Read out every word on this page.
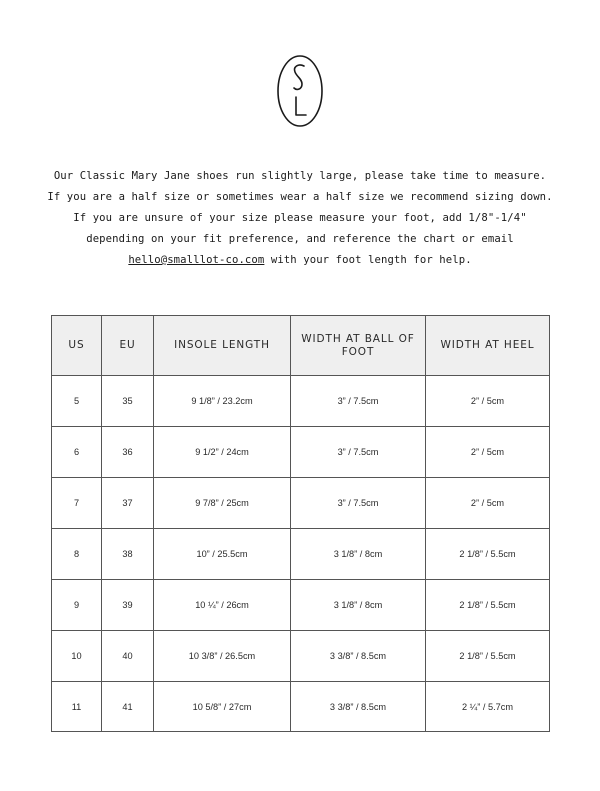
Our Classic Mary Jane shoes run slightly large, please take time to measure.

If you are a half size or sometimes wear a half size we recommend sizing down.

If you are unsure of your size please measure your foot, add 1/8"-1/4"

depending on your fit preference, and reference the chart or email

hello@smalllot-co.com with your foot length for help.

US	EU	INSOLE LENGTH	WIDTH AT BALL OF FOOT	WIDTH AT HEEL
5	35	9 1/8” / 23.2cm	3” / 7.5cm	2” / 5cm
6	36	9 1/2” / 24cm	3” / 7.5cm	2” / 5cm
7	37	9 7/8” / 25cm	3” / 7.5cm	2” / 5cm
8	38	10” / 25.5cm	3 1/8” / 8cm	2 1/8” / 5.5cm
9	39	10 ¼” / 26cm	3 1/8” / 8cm	2 1/8” / 5.5cm
10	40	10 3/8” / 26.5cm	3 3/8” / 8.5cm	2 1/8” / 5.5cm
11	41	10 5/8” / 27cm	3 3/8” / 8.5cm	2 ¼” / 5.7cm
